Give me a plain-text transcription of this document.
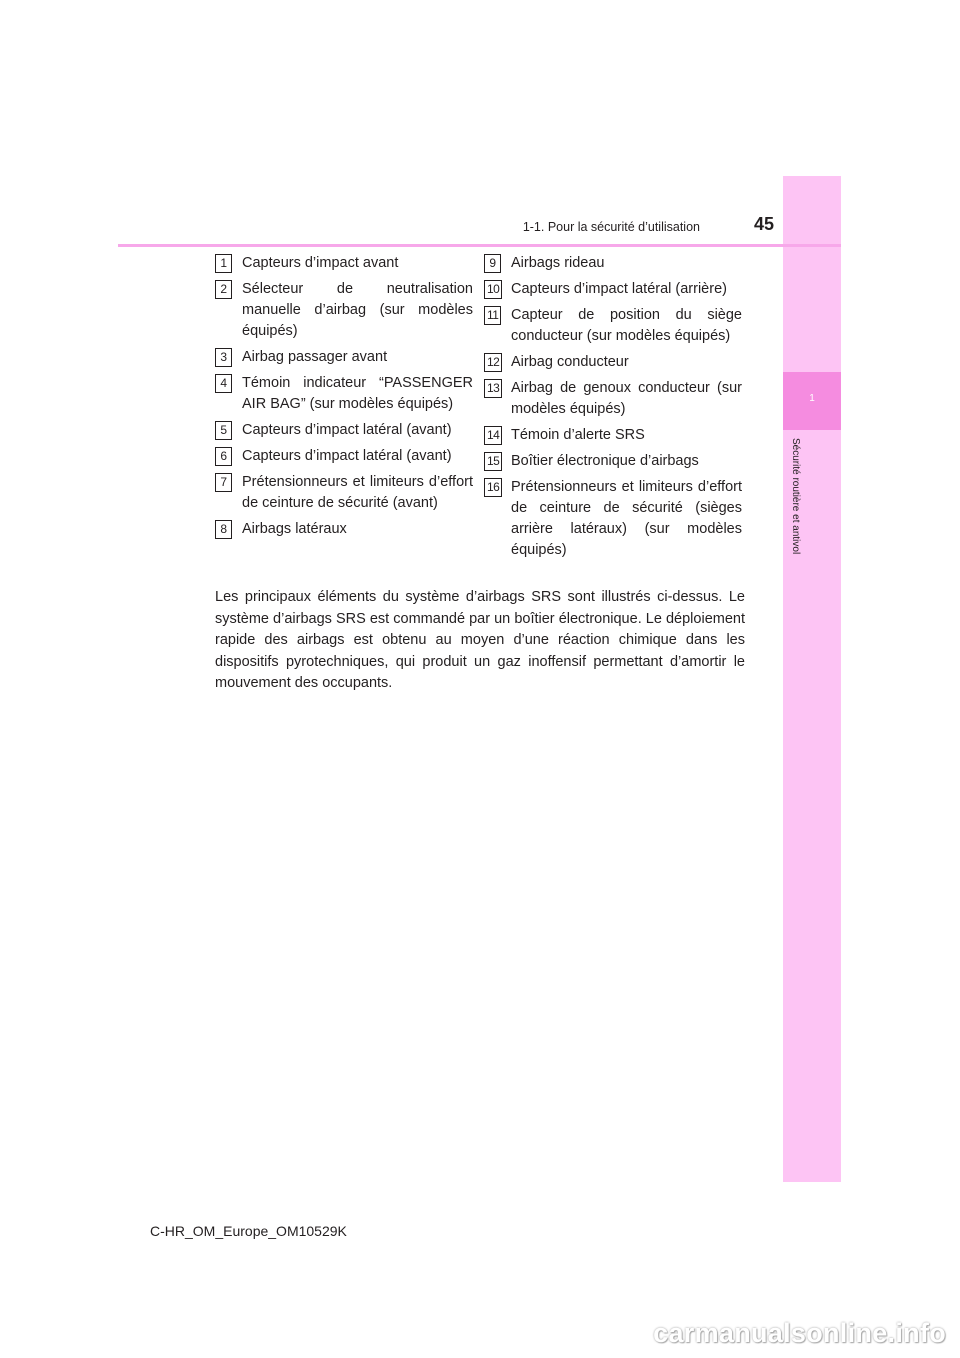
1
Sécurité routière et antivol
1-1. Pour la sécurité d’utilisation	45
1	Capteurs d’impact avant
2	Sélecteur de neutralisation manuelle d’airbag (sur modèles équipés)
3	Airbag passager avant
4	Témoin indicateur “PASSENGER AIR BAG” (sur modèles équipés)
5	Capteurs d’impact latéral (avant)
6	Capteurs d’impact latéral (avant)
7	Prétensionneurs et limiteurs d’effort de ceinture de sécurité (avant)
8	Airbags latéraux
9	Airbags rideau
10 Capteurs d’impact latéral (arrière)
11 Capteur de position du siège conducteur (sur modèles équipés)
12 Airbag conducteur
13 Airbag de genoux conducteur (sur modèles équipés)
14 Témoin d’alerte SRS
15 Boîtier électronique d’airbags
16 Prétensionneurs et limiteurs d’effort de ceinture de sécurité (sièges arrière latéraux) (sur modèles équipés)
Les principaux éléments du système d’airbags SRS sont illustrés ci-dessus. Le système d’airbags SRS est commandé par un boîtier électronique. Le déploiement rapide des airbags est obtenu au moyen d’une réaction chimique dans les dispositifs pyrotechniques, qui produit un gaz inoffensif permettant d’amortir le mouvement des occupants.
C-HR_OM_Europe_OM10529K
carmanualsonline.info
